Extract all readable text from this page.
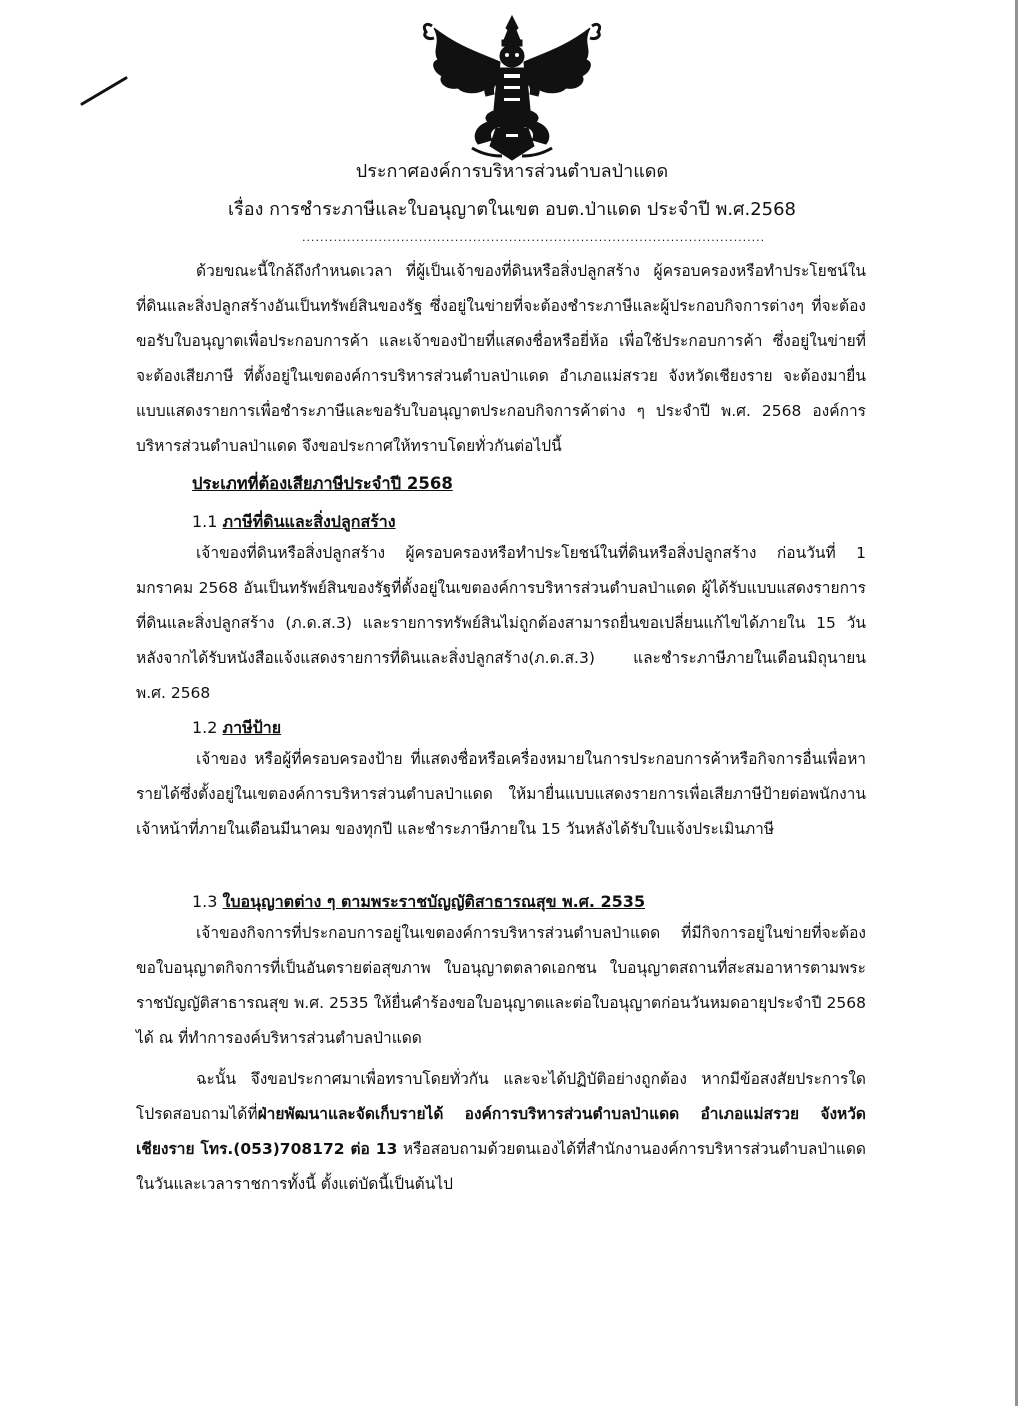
ประกาศองค์การบริหารส่วนตำบลป่าแดด
เรื่อง การชำระภาษีและใบอนุญาตในเขต อบต.ป่าแดด ประจำปี พ.ศ.2568
.......................................................................................................

ด้วยขณะนี้ใกล้ถึงกำหนดเวลา ที่ผู้เป็นเจ้าของที่ดินหรือสิ่งปลูกสร้าง ผู้ครอบครองหรือทำประโยชน์ในที่ดินและสิ่งปลูกสร้างอันเป็นทรัพย์สินของรัฐ ซึ่งอยู่ในข่ายที่จะต้องชำระภาษีและผู้ประกอบกิจการต่างๆ ที่จะต้องขอรับใบอนุญาตเพื่อประกอบการค้า และเจ้าของป้ายที่แสดงชื่อหรือยี่ห้อ เพื่อใช้ประกอบการค้า ซึ่งอยู่ในข่ายที่จะต้องเสียภาษี ที่ตั้งอยู่ในเขตองค์การบริหารส่วนตำบลป่าแดด อำเภอแม่สรวย จังหวัดเชียงราย จะต้องมายื่นแบบแสดงรายการเพื่อชำระภาษีและขอรับใบอนุญาตประกอบกิจการค้าต่าง ๆ ประจำปี พ.ศ. 2568 องค์การบริหารส่วนตำบลป่าแดด จึงขอประกาศให้ทราบโดยทั่วกันต่อไปนี้

ประเภทที่ต้องเสียภาษีประจำปี 2568
1.1 ภาษีที่ดินและสิ่งปลูกสร้าง

เจ้าของที่ดินหรือสิ่งปลูกสร้าง ผู้ครอบครองหรือทำประโยชน์ในที่ดินหรือสิ่งปลูกสร้าง ก่อนวันที่ 1 มกราคม 2568 อันเป็นทรัพย์สินของรัฐที่ตั้งอยู่ในเขตองค์การบริหารส่วนตำบลป่าแดด ผู้ได้รับแบบแสดงรายการที่ดินและสิ่งปลูกสร้าง (ภ.ด.ส.3) และรายการทรัพย์สินไม่ถูกต้องสามารถยื่นขอเปลี่ยนแก้ไขได้ภายใน 15 วัน หลังจากได้รับหนังสือแจ้งแสดงรายการที่ดินและสิ่งปลูกสร้าง(ภ.ด.ส.3) และชำระภาษีภายในเดือนมิถุนายน พ.ศ. 2568

1.2 ภาษีป้าย

เจ้าของ หรือผู้ที่ครอบครองป้าย ที่แสดงชื่อหรือเครื่องหมายในการประกอบการค้าหรือกิจการอื่นเพื่อหารายได้ซึ่งตั้งอยู่ในเขตองค์การบริหารส่วนตำบลป่าแดด ให้มายื่นแบบแสดงรายการเพื่อเสียภาษีป้ายต่อพนักงานเจ้าหน้าที่ภายในเดือนมีนาคม ของทุกปี และชำระภาษีภายใน 15 วันหลังได้รับใบแจ้งประเมินภาษี

1.3 ใบอนุญาตต่าง ๆ ตามพระราชบัญญัติสาธารณสุข พ.ศ. 2535

เจ้าของกิจการที่ประกอบการอยู่ในเขตองค์การบริหารส่วนตำบลป่าแดด ที่มีกิจการอยู่ในข่ายที่จะต้องขอใบอนุญาตกิจการที่เป็นอันตรายต่อสุขภาพ ใบอนุญาตตลาดเอกชน ใบอนุญาตสถานที่สะสมอาหารตามพระราชบัญญัติสาธารณสุข พ.ศ. 2535 ให้ยื่นคำร้องขอใบอนุญาตและต่อใบอนุญาตก่อนวันหมดอายุประจำปี 2568 ได้ ณ ที่ทำการองค์บริหารส่วนตำบลป่าแดด

ฉะนั้น จึงขอประกาศมาเพื่อทราบโดยทั่วกัน และจะได้ปฏิบัติอย่างถูกต้อง หากมีข้อสงสัยประการใดโปรดสอบถามได้ที่ฝ่ายพัฒนาและจัดเก็บรายได้ องค์การบริหารส่วนตำบลป่าแดด อำเภอแม่สรวย จังหวัดเชียงราย โทร.(053)708172 ต่อ 13 หรือสอบถามด้วยตนเองได้ที่สำนักงานองค์การบริหารส่วนตำบลป่าแดด ในวันและเวลาราชการทั้งนี้ ตั้งแต่บัดนี้เป็นต้นไป
